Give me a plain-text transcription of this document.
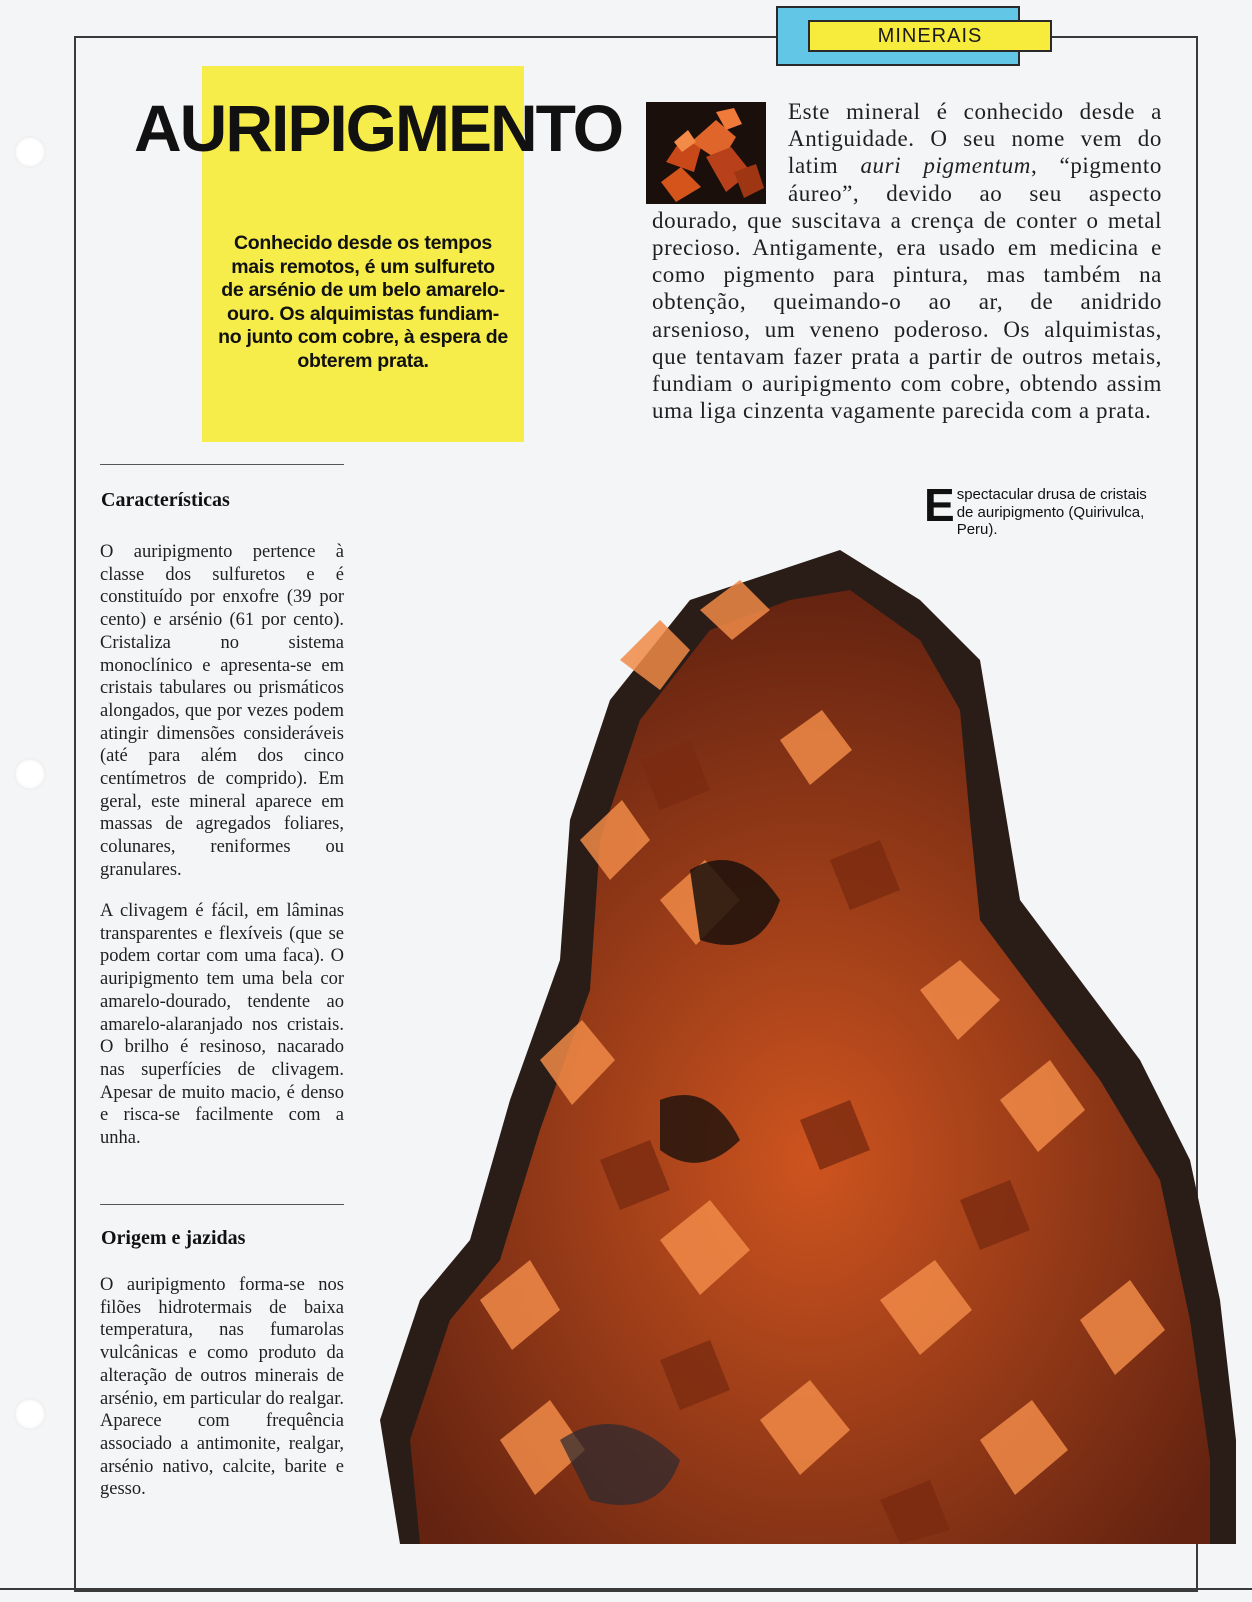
MINERAIS
AURIPIGMENTO

Conhecido desde os tempos mais remotos, é um sulfureto de arsénio de um belo amarelo-ouro. Os alquimistas fundiam-no junto com cobre, à espera de obterem prata.

Este mineral é conhecido desde a Antiguidade. O seu nome vem do latim auri pigmentum, “pigmento áureo”, devido ao seu aspecto dourado, que suscitava a crença de conter o metal precioso. Antigamente, era usado em medicina e como pigmento para pintura, mas também na obtenção, queimando-o ao ar, de anidrido arsenioso, um veneno poderoso. Os alquimistas, que tentavam fazer prata a partir de outros metais, fundiam o auripigmento com cobre, obtendo assim uma liga cinzenta vagamente parecida com a prata.

Características

O auripigmento pertence à classe dos sulfuretos e é constituído por enxofre (39 por cento) e arsénio (61 por cento). Cristaliza no sistema monoclínico e apresenta-se em cristais tabulares ou prismáticos alongados, que por vezes podem atingir dimensões consideráveis (até para além dos cinco centímetros de comprido). Em geral, este mineral aparece em massas de agregados foliares, colunares, reniformes ou granulares.

A clivagem é fácil, em lâminas transparentes e flexíveis (que se podem cortar com uma faca). O auripigmento tem uma bela cor amarelo-dourado, tendente ao amarelo-alaranjado nos cristais. O brilho é resinoso, nacarado nas superfícies de clivagem. Apesar de muito macio, é denso e risca-se facilmente com a unha.

Origem e jazidas

O auripigmento forma-se nos filões hidrotermais de baixa temperatura, nas fumarolas vulcânicas e como produto da alteração de outros minerais de arsénio, em particular do realgar. Aparece com frequência associado a antimonite, realgar, arsénio nativo, calcite, barite e gesso.

Espectacular drusa de cristais de auripigmento (Quirivulca, Peru).
